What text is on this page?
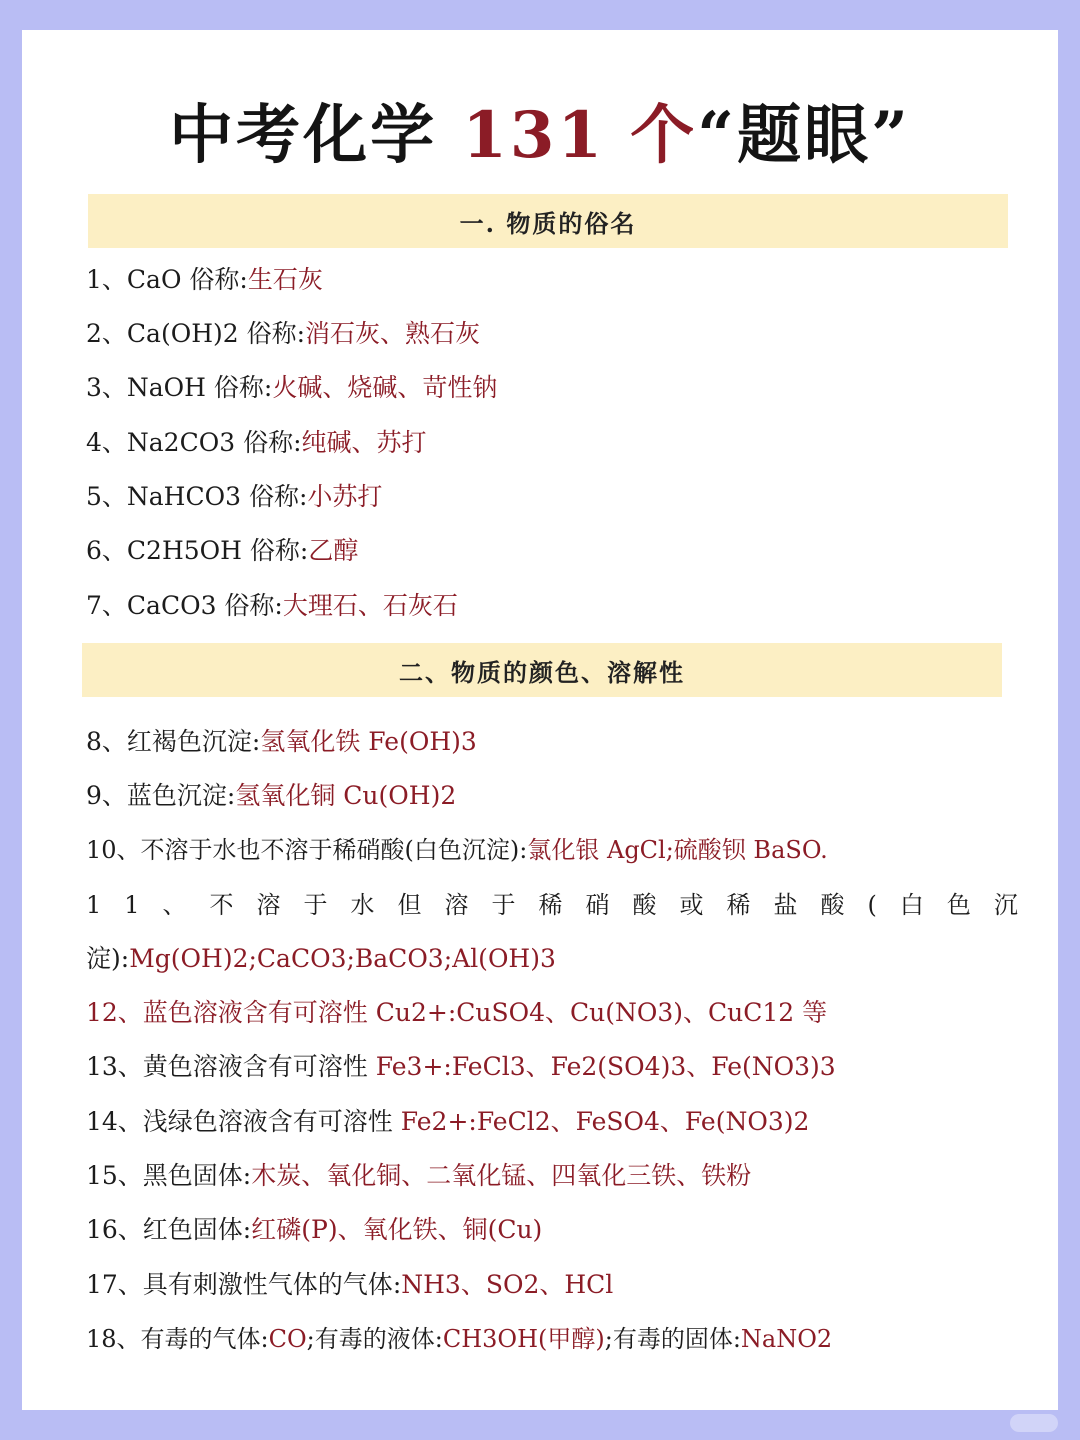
中考化学 131 个“题眼”
一. 物质的俗名
1、CaO 俗称:生石灰
2、Ca(OH)2 俗称:消石灰、熟石灰
3、NaOH 俗称:火碱、烧碱、苛性钠
4、Na2CO3 俗称:纯碱、苏打
5、NaHCO3 俗称:小苏打
6、C2H5OH 俗称:乙醇
7、CaCO3 俗称:大理石、石灰石
二、物质的颜色、溶解性
8、红褐色沉淀:氢氧化铁 Fe(OH)3
9、蓝色沉淀:氢氧化铜 Cu(OH)2
10、不溶于水也不溶于稀硝酸(白色沉淀):氯化银 AgCl;硫酸钡 BaSO.
11、不溶于水但溶于稀硝酸或稀盐酸(白色沉
淀):Mg(OH)2;CaCO3;BaCO3;Al(OH)3
12、蓝色溶液含有可溶性 Cu2+:CuSO4、Cu(NO3)、CuC12 等
13、黄色溶液含有可溶性 Fe3+:FeCl3、Fe2(SO4)3、Fe(NO3)3
14、浅绿色溶液含有可溶性 Fe2+:FeCl2、FeSO4、Fe(NO3)2
15、黑色固体:木炭、氧化铜、二氧化锰、四氧化三铁、铁粉
16、红色固体:红磷(P)、氧化铁、铜(Cu)
17、具有刺激性气体的气体:NH3、SO2、HCl
18、有毒的气体:CO;有毒的液体:CH3OH(甲醇);有毒的固体:NaNO2
